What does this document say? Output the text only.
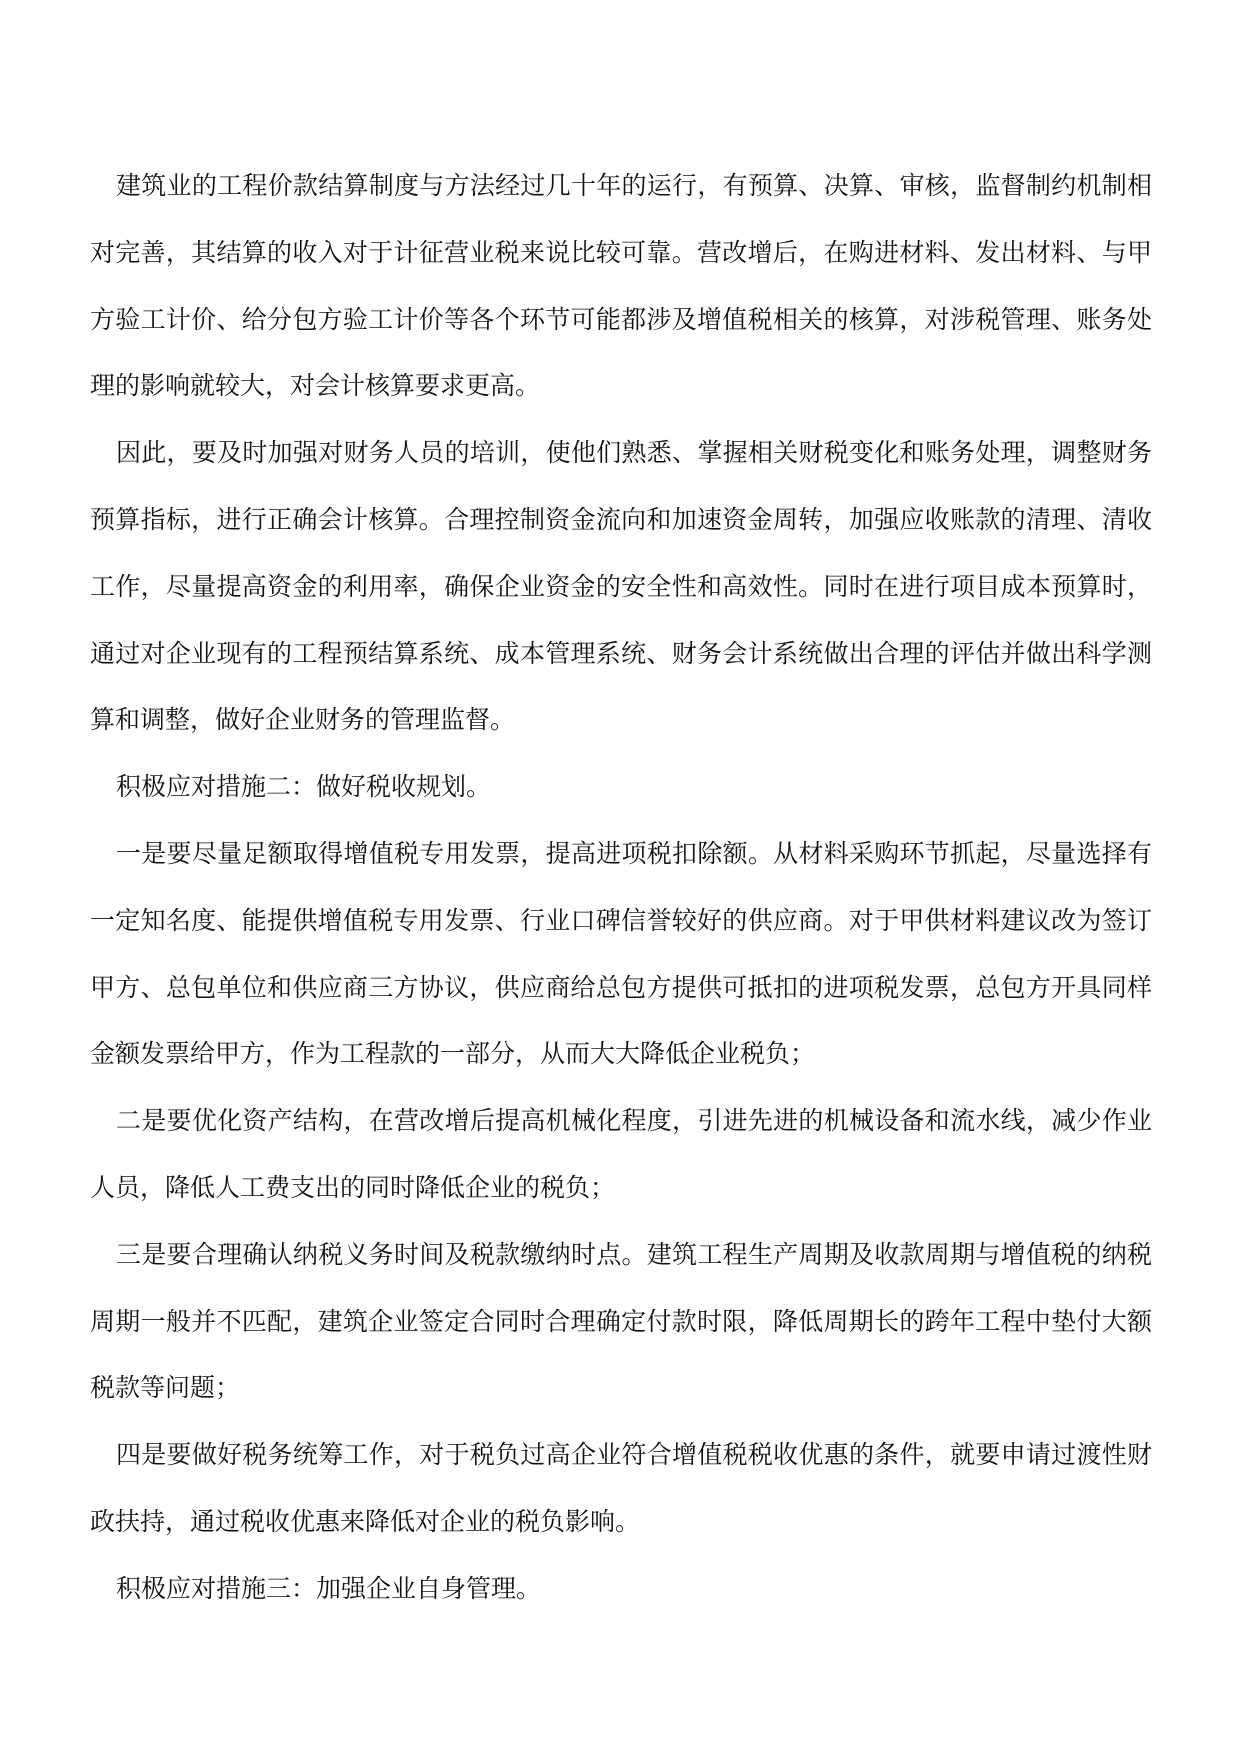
建筑业的工程价款结算制度与方法经过几十年的运行，有预算、决算、审核，监督制约机制相对完善，其结算的收入对于计征营业税来说比较可靠。营改增后，在购进材料、发出材料、与甲方验工计价、给分包方验工计价等各个环节可能都涉及增值税相关的核算，对涉税管理、账务处理的影响就较大，对会计核算要求更高。

因此，要及时加强对财务人员的培训，使他们熟悉、掌握相关财税变化和账务处理，调整财务预算指标，进行正确会计核算。合理控制资金流向和加速资金周转，加强应收账款的清理、清收工作，尽量提高资金的利用率，确保企业资金的安全性和高效性。同时在进行项目成本预算时，通过对企业现有的工程预结算系统、成本管理系统、财务会计系统做出合理的评估并做出科学测算和调整，做好企业财务的管理监督。

积极应对措施二：做好税收规划。

一是要尽量足额取得增值税专用发票，提高进项税扣除额。从材料采购环节抓起，尽量选择有一定知名度、能提供增值税专用发票、行业口碑信誉较好的供应商。对于甲供材料建议改为签订甲方、总包单位和供应商三方协议，供应商给总包方提供可抵扣的进项税发票，总包方开具同样金额发票给甲方，作为工程款的一部分，从而大大降低企业税负；

二是要优化资产结构，在营改增后提高机械化程度，引进先进的机械设备和流水线，减少作业人员，降低人工费支出的同时降低企业的税负；

三是要合理确认纳税义务时间及税款缴纳时点。建筑工程生产周期及收款周期与增值税的纳税周期一般并不匹配，建筑企业签定合同时合理确定付款时限，降低周期长的跨年工程中垫付大额税款等问题；

四是要做好税务统筹工作，对于税负过高企业符合增值税税收优惠的条件，就要申请过渡性财政扶持，通过税收优惠来降低对企业的税负影响。

积极应对措施三：加强企业自身管理。
